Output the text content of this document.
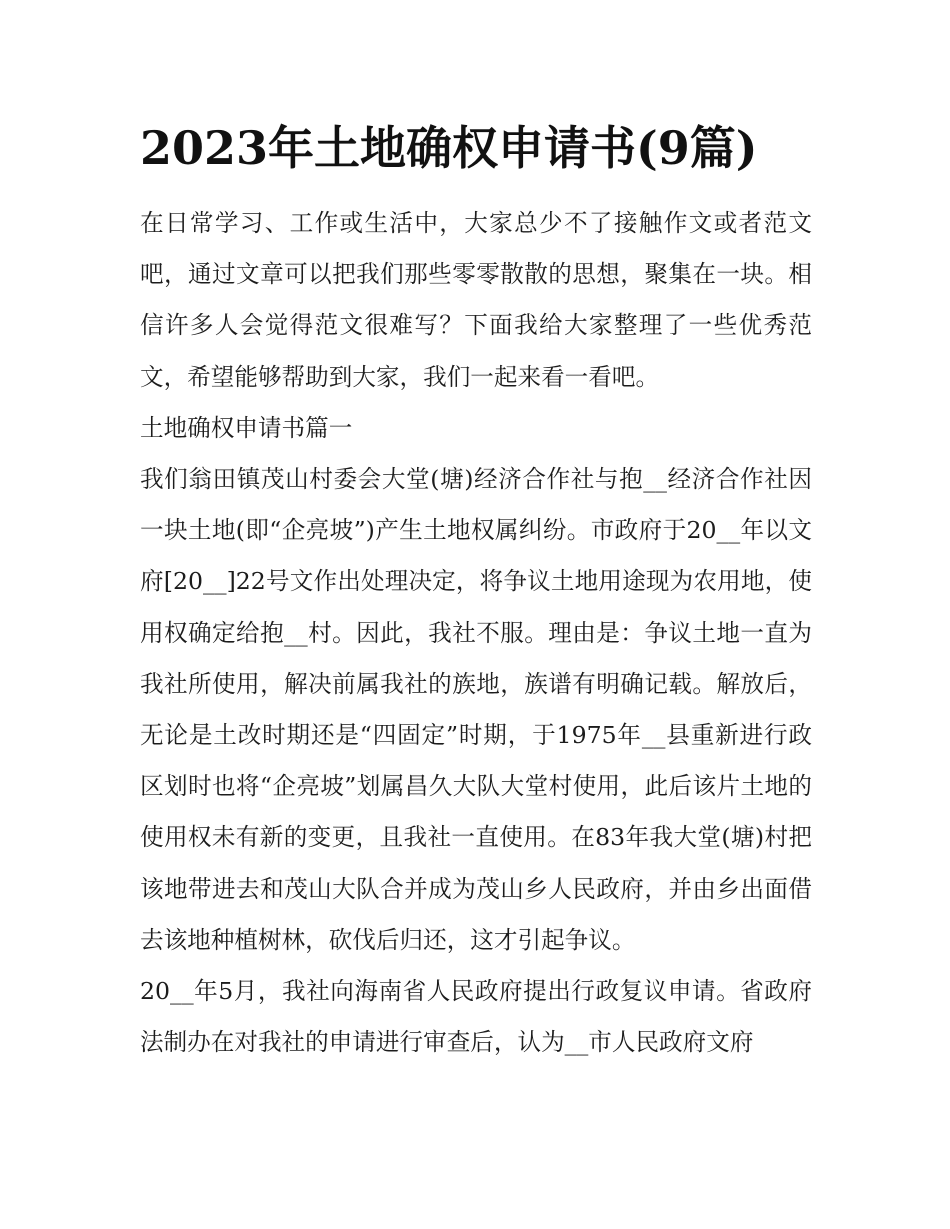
2023年土地确权申请书(9篇)

在日常学习、工作或生活中，大家总少不了接触作文或者范文吧，通过文章可以把我们那些零零散散的思想，聚集在一块。相信许多人会觉得范文很难写？下面我给大家整理了一些优秀范文，希望能够帮助到大家，我们一起来看一看吧。

土地确权申请书篇一

我们翁田镇茂山村委会大堂(塘)经济合作社与抱__经济合作社因一块土地(即“企亮坡”)产生土地权属纠纷。市政府于20__年以文府[20__]22号文作出处理决定，将争议土地用途现为农用地，使用权确定给抱__村。因此，我社不服。理由是：争议土地一直为我社所使用，解决前属我社的族地，族谱有明确记载。解放后，无论是土改时期还是“四固定”时期，于1975年__县重新进行政区划时也将“企亮坡”划属昌久大队大堂村使用，此后该片土地的使用权未有新的变更，且我社一直使用。在83年我大堂(塘)村把该地带进去和茂山大队合并成为茂山乡人民政府，并由乡出面借去该地种植树林，砍伐后归还，这才引起争议。

20__年5月，我社向海南省人民政府提出行政复议申请。省政府法制办在对我社的申请进行审查后，认为__市人民政府文府
